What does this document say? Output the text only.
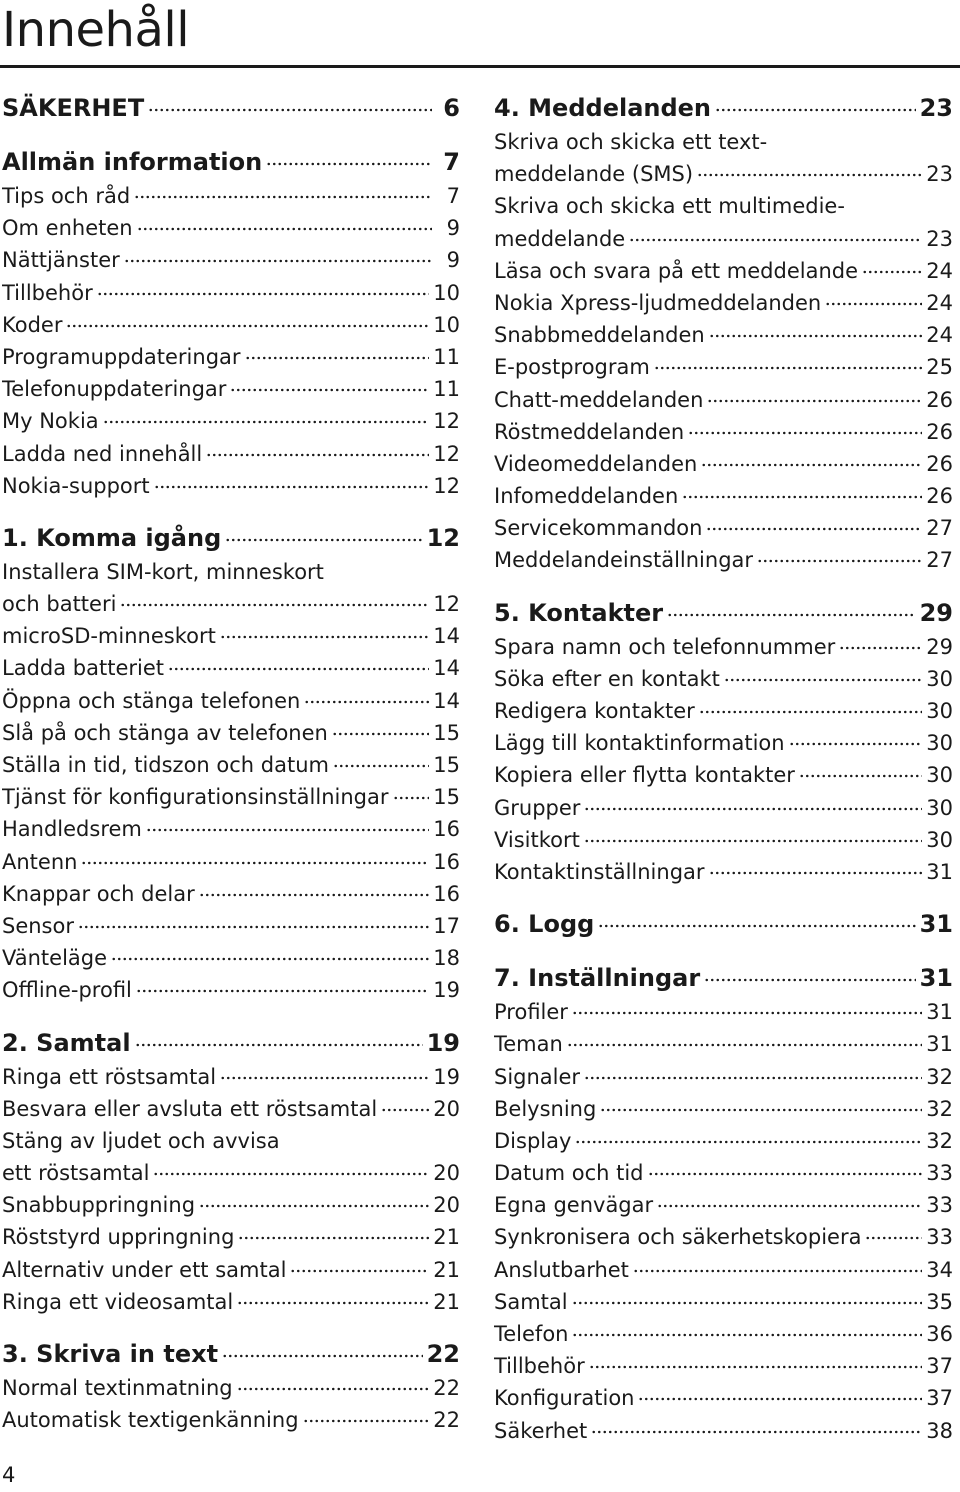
Innehåll
SÄKERHET	6
Allmän information	7
Tips och råd	7
Om enheten	9
Nättjänster	9
Tillbehör	10
Koder	10
Programuppdateringar	11
Telefonuppdateringar	11
My Nokia	12
Ladda ned innehåll	12
Nokia-support	12
1. Komma igång	12
Installera SIM-kort, minneskort
och batteri	12
microSD-minneskort	14
Ladda batteriet	14
Öppna och stänga telefonen	14
Slå på och stänga av telefonen	15
Ställa in tid, tidszon och datum	15
Tjänst för konfigurationsinställningar 15
Handledsrem	16
Antenn	16
Knappar och delar	16
Sensor	17
Vänteläge	18
Offline-profil	19
2. Samtal	19
Ringa ett röstsamtal	19
Besvara eller avsluta ett röstsamtal	20
Stäng av ljudet och avvisa
ett röstsamtal	20
Snabbuppringning	20
Röststyrd uppringning	21
Alternativ under ett samtal	21
Ringa ett videosamtal	21
3. Skriva in text	22
Normal textinmatning	22
Automatisk textigenkänning	22
4. Meddelanden	23
Skriva och skicka ett text-
meddelande (SMS)	23
Skriva och skicka ett multimedie-
meddelande	23
Läsa och svara på ett meddelande	24
Nokia Xpress-ljudmeddelanden	24
Snabbmeddelanden	24
E-postprogram	25
Chatt-meddelanden	26
Röstmeddelanden	26
Videomeddelanden	26
Infomeddelanden	26
Servicekommandon	27
Meddelandeinställningar	27
5. Kontakter	29
Spara namn och telefonnummer	29
Söka efter en kontakt	30
Redigera kontakter	30
Lägg till kontaktinformation	30
Kopiera eller flytta kontakter	30
Grupper	30
Visitkort	30
Kontaktinställningar	31
6. Logg	31
7. Inställningar	31
Profiler	31
Teman	31
Signaler	32
Belysning	32
Display	32
Datum och tid	33
Egna genvägar	33
Synkronisera och säkerhetskopiera	33
Anslutbarhet	34
Samtal	35
Telefon	36
Tillbehör	37
Konfiguration	37
Säkerhet	38
4
